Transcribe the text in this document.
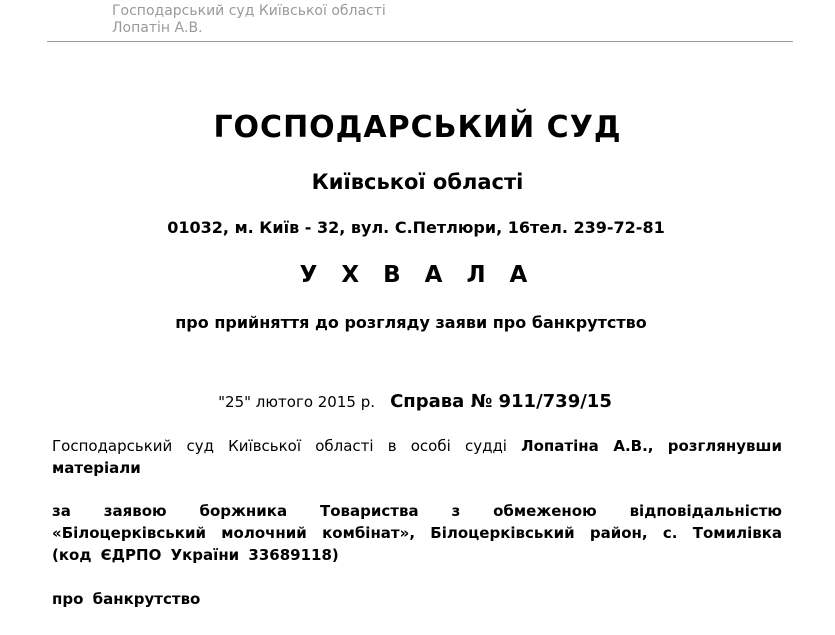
Господарський суд Київської області
Лопатін А.В.
ГОСПОДАРСЬКИЙ СУД
Київської області
01032, м. Київ - 32, вул. С.Петлюри, 16тел. 239-72-81
У Х В А Л А
про прийняття до розгляду заяви про банкрутство
"25" лютого 2015 р. Справа № 911/739/15
Господарський суд Київської області в особі судді Лопатіна А.В., розглянувши матеріали
за заявою боржника Товариства з обмеженою відповідальністю «Білоцерківський молочний комбінат», Білоцерківський район, с. Томилівка (код ЄДРПО України 33689118)
про банкрутство
